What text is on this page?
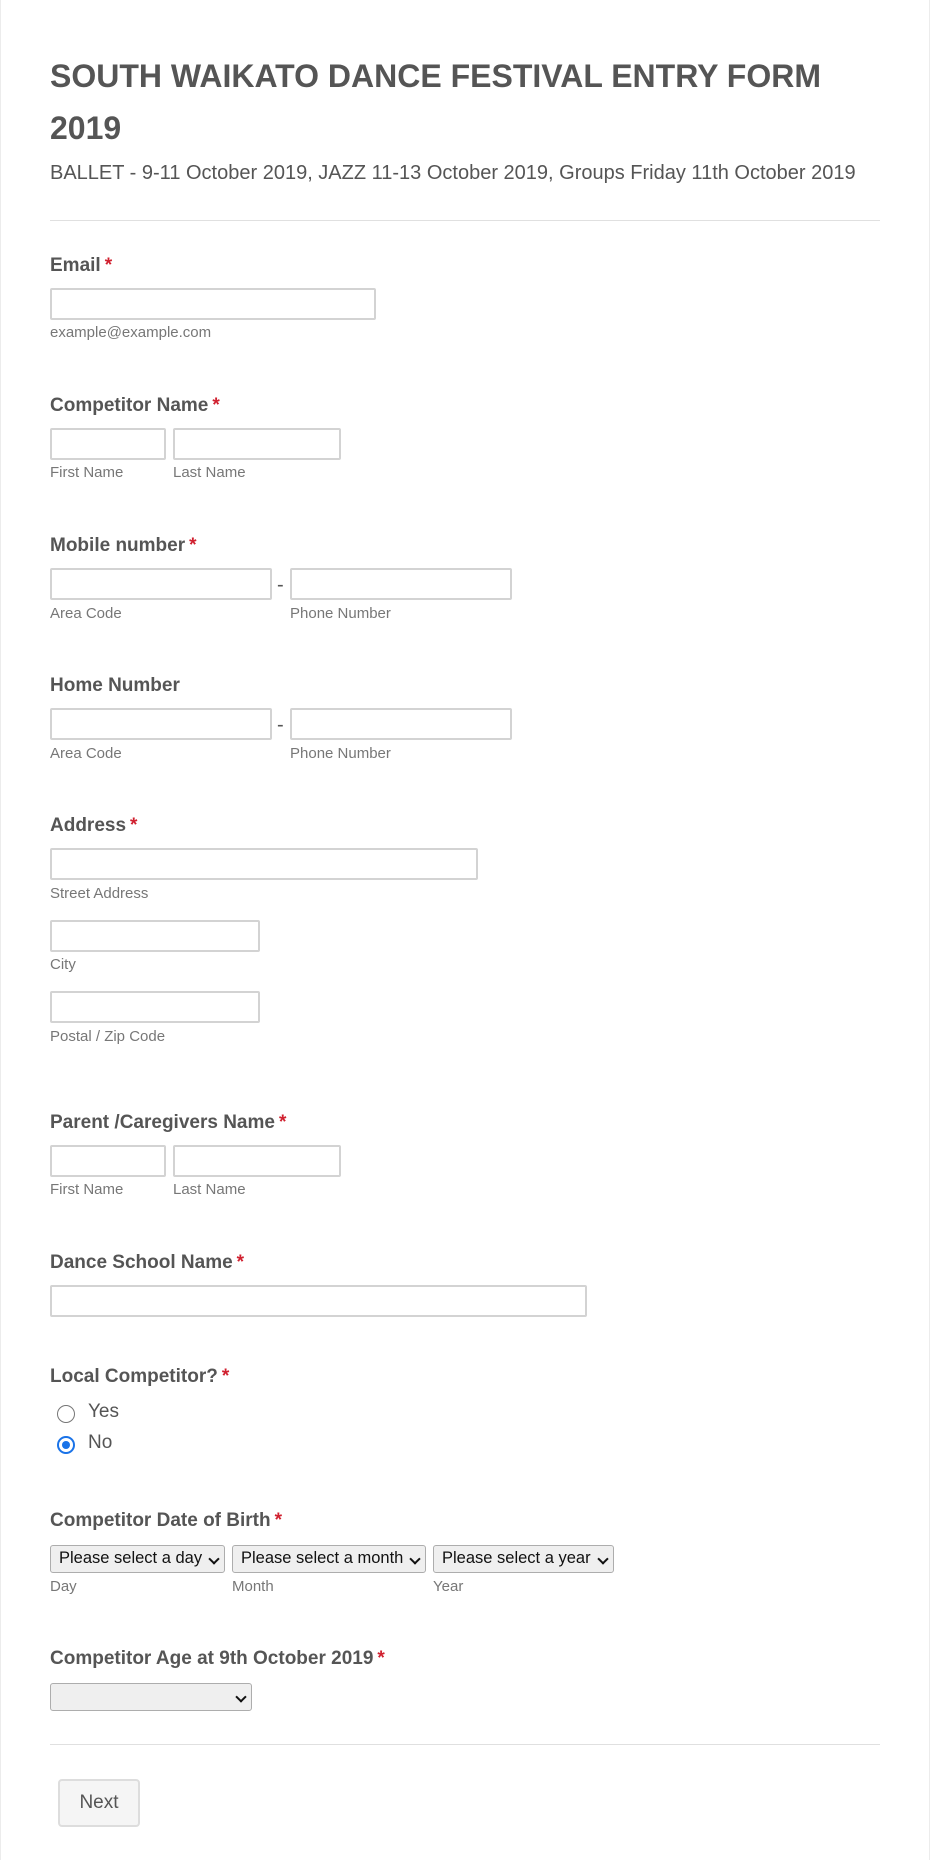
SOUTH WAIKATO DANCE FESTIVAL ENTRY FORM 2019
BALLET - 9-11 October 2019, JAZZ 11-13 October 2019, Groups Friday 11th October 2019
Email *
example@example.com
Competitor Name *
First Name	Last Name
Mobile number *
-
Area Code	Phone Number
Home Number
-
Area Code	Phone Number
Address *
Street Address
City
Postal / Zip Code
Parent /Caregivers Name *
First Name	Last Name
Dance School Name *
Local Competitor? *
Yes
No
Competitor Date of Birth *
Please select a day	Please select a month	Please select a year
Day	Month	Year
Competitor Age at 9th October 2019 *
Next
